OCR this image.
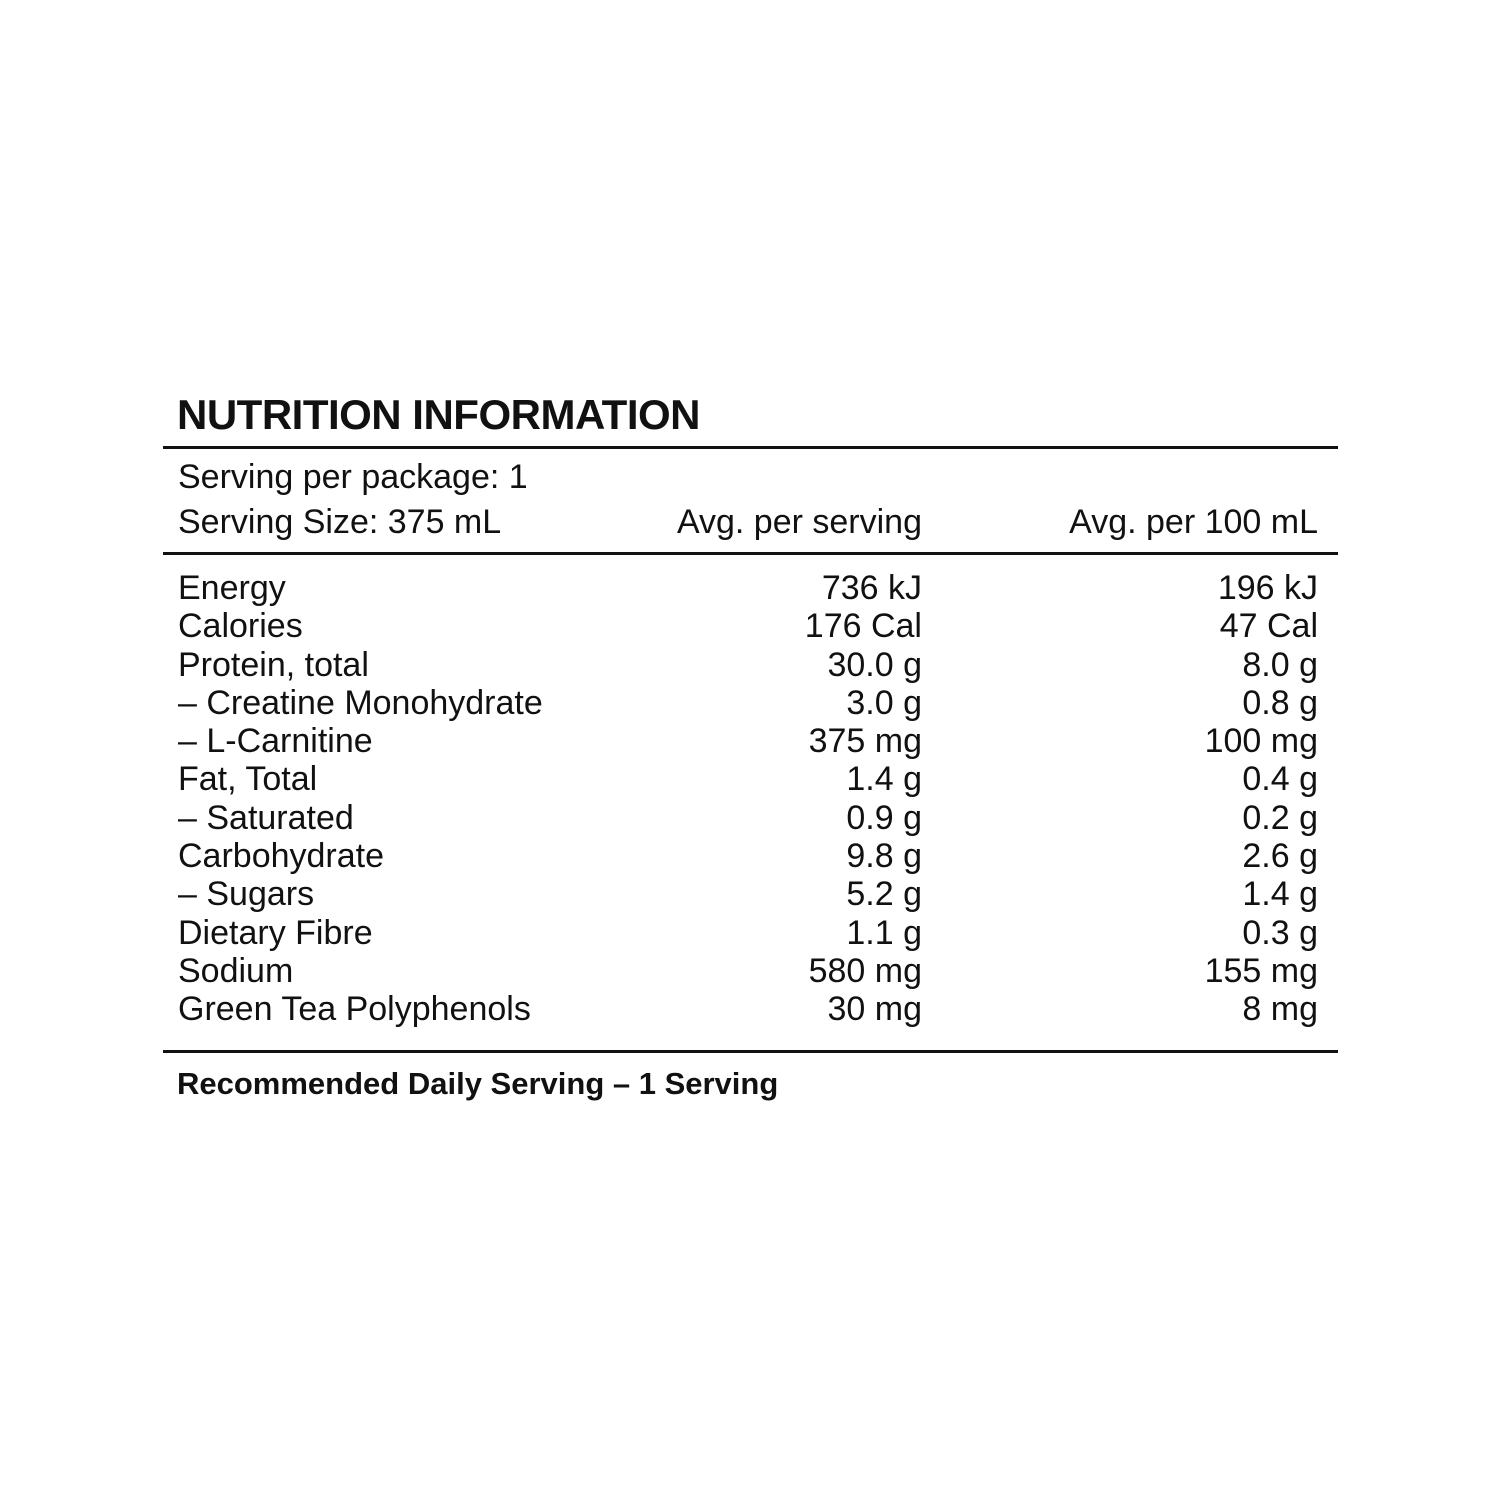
NUTRITION INFORMATION
Serving per package: 1
Serving Size: 375 mL	Avg. per serving	Avg. per 100 mL
Energy	736 kJ	196 kJ
Calories	176 Cal	47 Cal
Protein, total	30.0 g	8.0 g
– Creatine Monohydrate	3.0 g	0.8 g
– L-Carnitine	375 mg	100 mg
Fat, Total	1.4 g	0.4 g
– Saturated	0.9 g	0.2 g
Carbohydrate	9.8 g	2.6 g
– Sugars	5.2 g	1.4 g
Dietary Fibre	1.1 g	0.3 g
Sodium	580 mg	155 mg
Green Tea Polyphenols	30 mg	8 mg
Recommended Daily Serving – 1 Serving
